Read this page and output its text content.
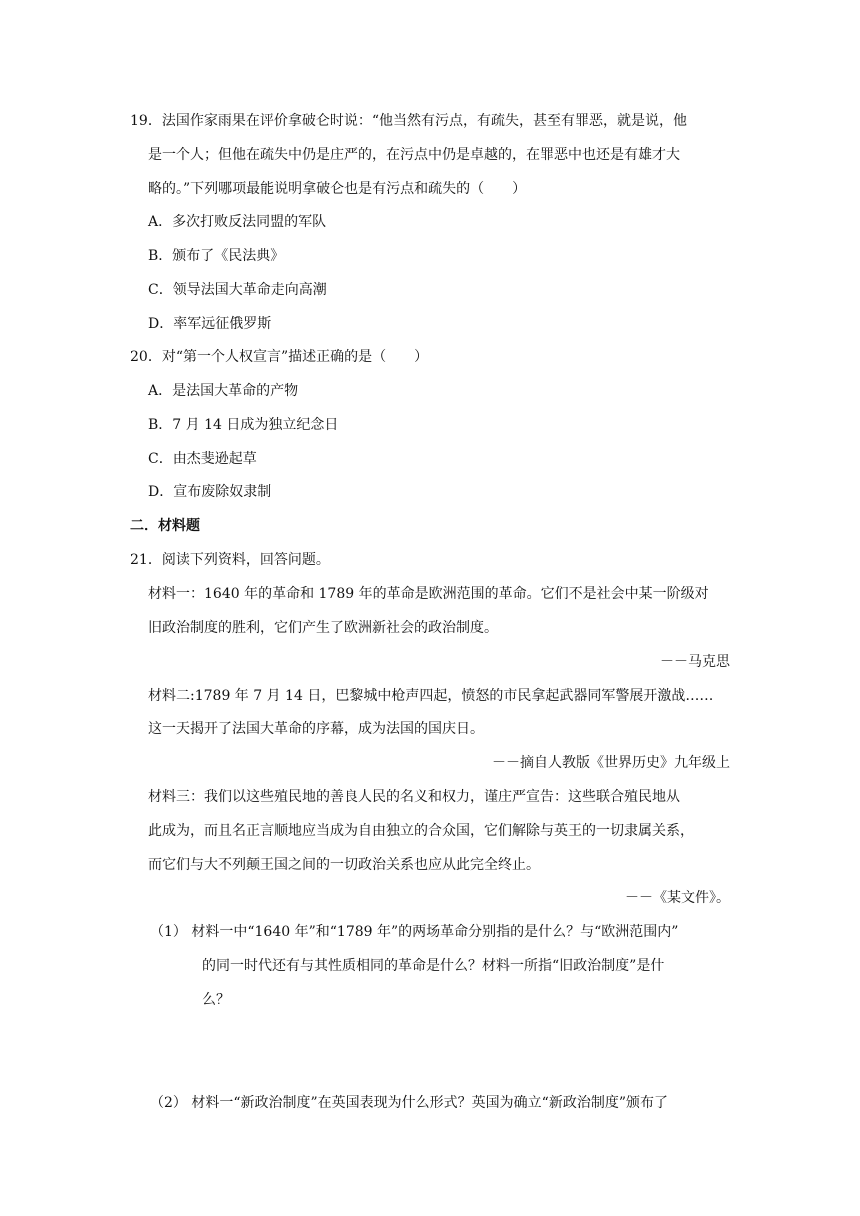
19．法国作家雨果在评价拿破仑时说：“他当然有污点，有疏失，甚至有罪恶，就是说，他
是一个人；但他在疏失中仍是庄严的，在污点中仍是卓越的，在罪恶中也还是有雄才大
略的。”下列哪项最能说明拿破仑也是有污点和疏失的（　　）
A．多次打败反法同盟的军队
B．颁布了《民法典》
C．领导法国大革命走向高潮
D．率军远征俄罗斯
20．对“第一个人权宣言”描述正确的是（　　）
A．是法国大革命的产物
B．7 月 14 日成为独立纪念日
C．由杰斐逊起草
D．宣布废除奴隶制
二．材料题
21．阅读下列资料，回答问题。
材料一：1640 年的革命和 1789 年的革命是欧洲范围的革命。它们不是社会中某一阶级对
旧政治制度的胜利，它们产生了欧洲新社会的政治制度。
－－马克思
材料二:1789 年 7 月 14 日，巴黎城中枪声四起，愤怒的市民拿起武器同军警展开激战……
这一天揭开了法国大革命的序幕，成为法国的国庆日。
－－摘自人教版《世界历史》九年级上
材料三：我们以这些殖民地的善良人民的名义和权力，谨庄严宣告：这些联合殖民地从
此成为，而且名正言顺地应当成为自由独立的合众国，它们解除与英王的一切隶属关系，
而它们与大不列颠王国之间的一切政治关系也应从此完全终止。
－－《某文件》。
（1） 材料一中“1640 年”和“1789 年”的两场革命分别指的是什么？与“欧洲范围内”
的同一时代还有与其性质相同的革命是什么？材料一所指“旧政治制度”是什
么？
（2） 材料一“新政治制度”在英国表现为什么形式？英国为确立“新政治制度”颁布了
